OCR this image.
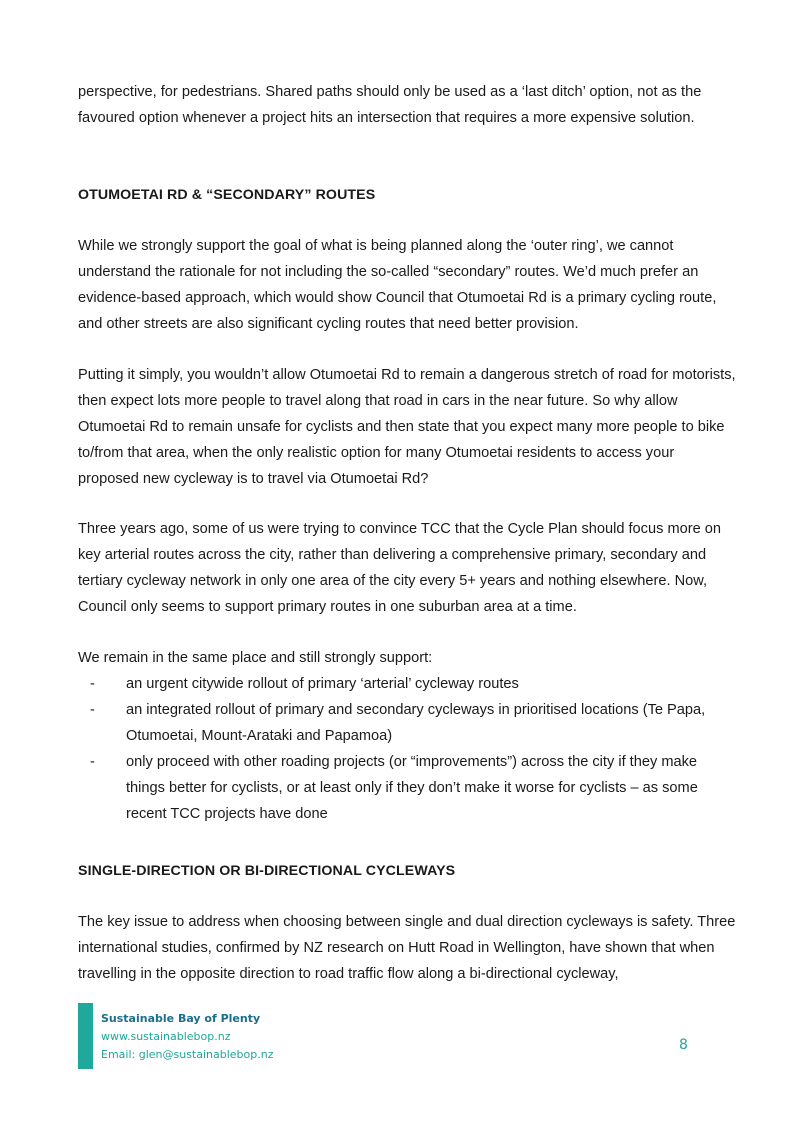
perspective, for pedestrians. Shared paths should only be used as a ‘last ditch’ option, not as the favoured option whenever a project hits an intersection that requires a more expensive solution.

OTUMOETAI RD & “SECONDARY” ROUTES

While we strongly support the goal of what is being planned along the ‘outer ring’, we cannot understand the rationale for not including the so-called “secondary” routes. We’d much prefer an evidence-based approach, which would show Council that Otumoetai Rd is a primary cycling route, and other streets are also significant cycling routes that need better provision.

Putting it simply, you wouldn’t allow Otumoetai Rd to remain a dangerous stretch of road for motorists, then expect lots more people to travel along that road in cars in the near future. So why allow Otumoetai Rd to remain unsafe for cyclists and then state that you expect many more people to bike to/from that area, when the only realistic option for many Otumoetai residents to access your proposed new cycleway is to travel via Otumoetai Rd?

Three years ago, some of us were trying to convince TCC that the Cycle Plan should focus more on key arterial routes across the city, rather than delivering a comprehensive primary, secondary and tertiary cycleway network in only one area of the city every 5+ years and nothing elsewhere. Now, Council only seems to support primary routes in one suburban area at a time.

We remain in the same place and still strongly support:

- an urgent citywide rollout of primary ‘arterial’ cycleway routes
- an integrated rollout of primary and secondary cycleways in prioritised locations (Te Papa, Otumoetai, Mount-Arataki and Papamoa)
- only proceed with other roading projects (or “improvements”) across the city if they make things better for cyclists, or at least only if they don’t make it worse for cyclists – as some recent TCC projects have done
SINGLE-DIRECTION OR BI-DIRECTIONAL CYCLEWAYS

The key issue to address when choosing between single and dual direction cycleways is safety. Three international studies, confirmed by NZ research on Hutt Road in Wellington, have shown that when travelling in the opposite direction to road traffic flow along a bi-directional cycleway,

Sustainable Bay of Plenty
www.sustainablebop.nz
Email: glen@sustainablebop.nz
8
